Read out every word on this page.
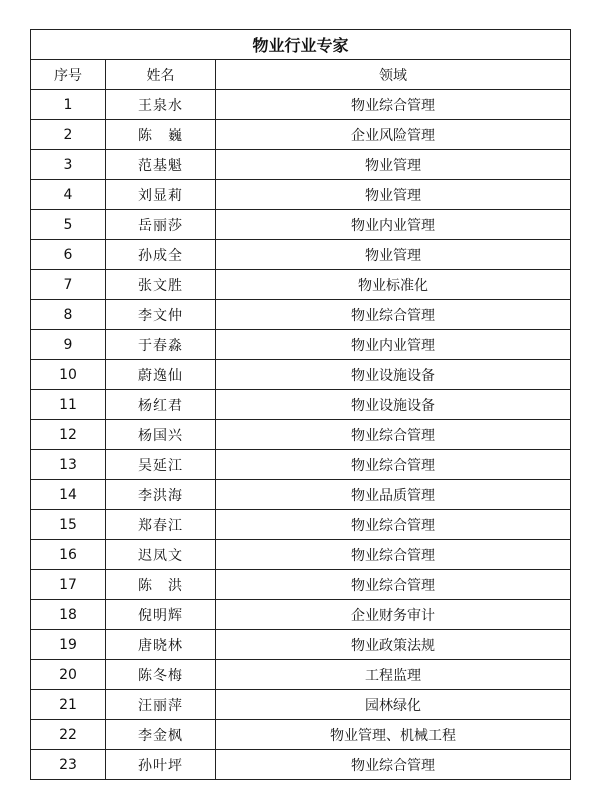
物业行业专家		
序号	姓名	领域
1	王泉水	物业综合管理
2	陈　巍	企业风险管理
3	范基魁	物业管理
4	刘显莉	物业管理
5	岳丽莎	物业内业管理
6	孙成全	物业管理
7	张文胜	物业标准化
8	李文仲	物业综合管理
9	于春淼	物业内业管理
10	蔚逸仙	物业设施设备
11	杨红君	物业设施设备
12	杨国兴	物业综合管理
13	吴延江	物业综合管理
14	李洪海	物业品质管理
15	郑春江	物业综合管理
16	迟凤文	物业综合管理
17	陈　洪	物业综合管理
18	倪明辉	企业财务审计
19	唐晓林	物业政策法规
20	陈冬梅	工程监理
21	汪丽萍	园林绿化
22	李金枫	物业管理、机械工程
23	孙叶坪	物业综合管理
